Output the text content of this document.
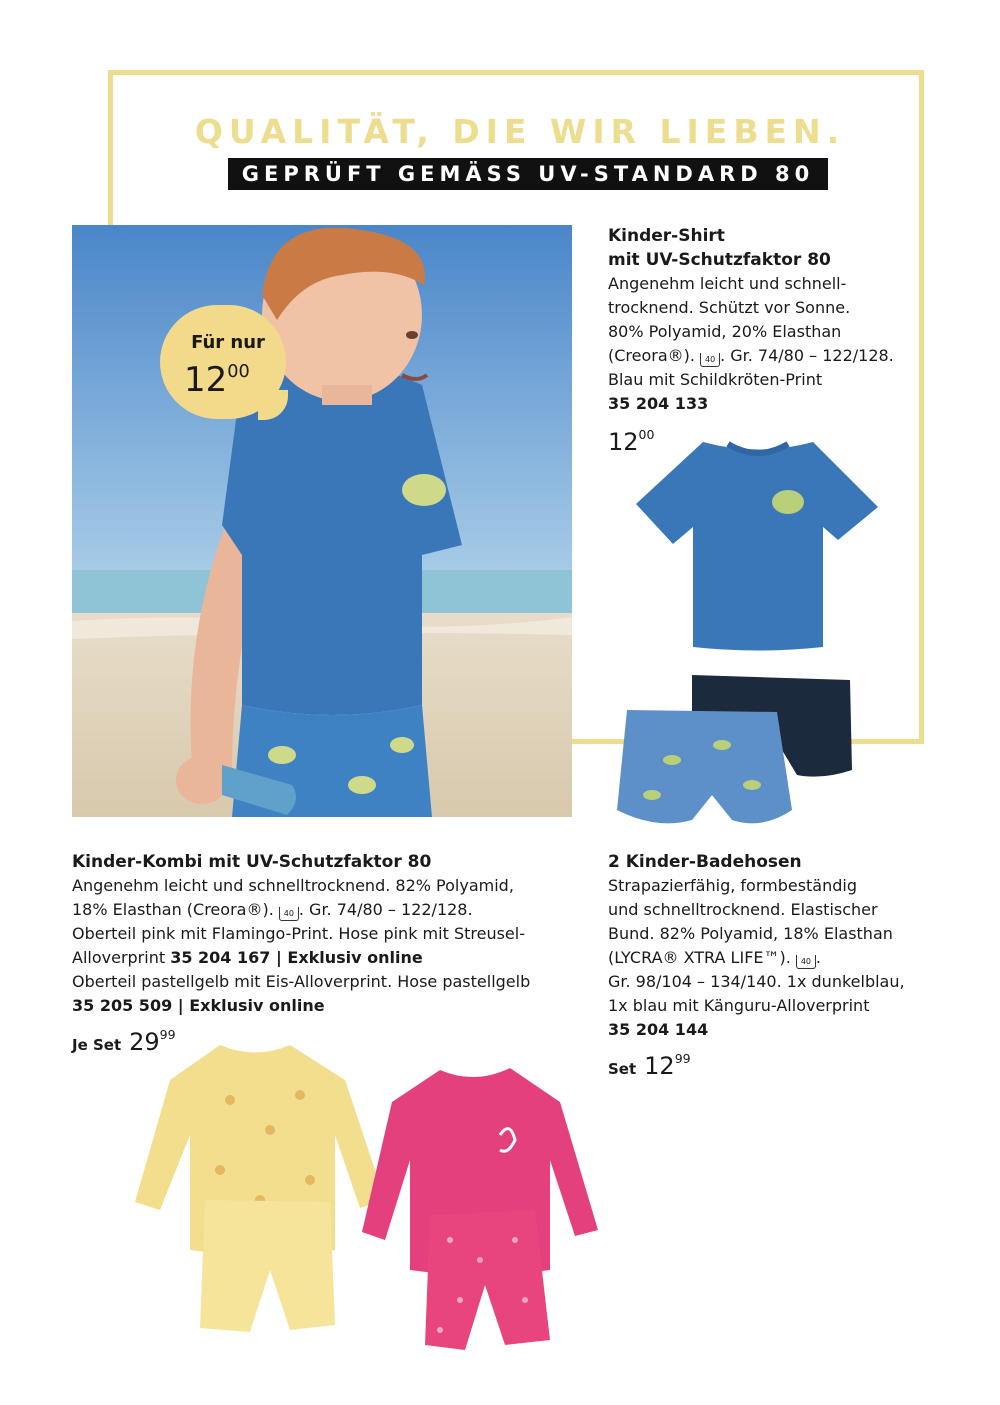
QUALITÄT, DIE WIR LIEBEN.
GEPRÜFT GEMÄSS UV-STANDARD 80
Für nur
$12^{00}$
Kinder-Shirt
mit UV-Schutzfaktor 80
Angenehm leicht und schnell-
trocknend. Schützt vor Sonne.
80% Polyamid, 20% Elasthan
(Creora®). 40 . Gr. 74/80 – 122/128.
Blau mit Schildkröten-Print
35 204 133
$12^{00}$
Kinder-Kombi mit UV-Schutzfaktor 80
Angenehm leicht und schnelltrocknend. 82% Polyamid,
18% Elasthan (Creora®). 40 . Gr. 74/80 – 122/128.
Oberteil pink mit Flamingo-Print. Hose pink mit Streusel-
Alloverprint 35 204 167 | Exklusiv online
Oberteil pastellgelb mit Eis-Alloverprint. Hose pastellgelb
35 205 509 | Exklusiv online
Je Set $29^{99}$
2 Kinder-Badehosen
Strapazierfähig, formbeständig
und schnelltrocknend. Elastischer
Bund. 82% Polyamid, 18% Elasthan
(LYCRA® XTRA LIFE™). 40 .
Gr. 98/104 – 134/140. 1x dunkelblau,
1x blau mit Känguru-Alloverprint
35 204 144
Set $12^{99}$
